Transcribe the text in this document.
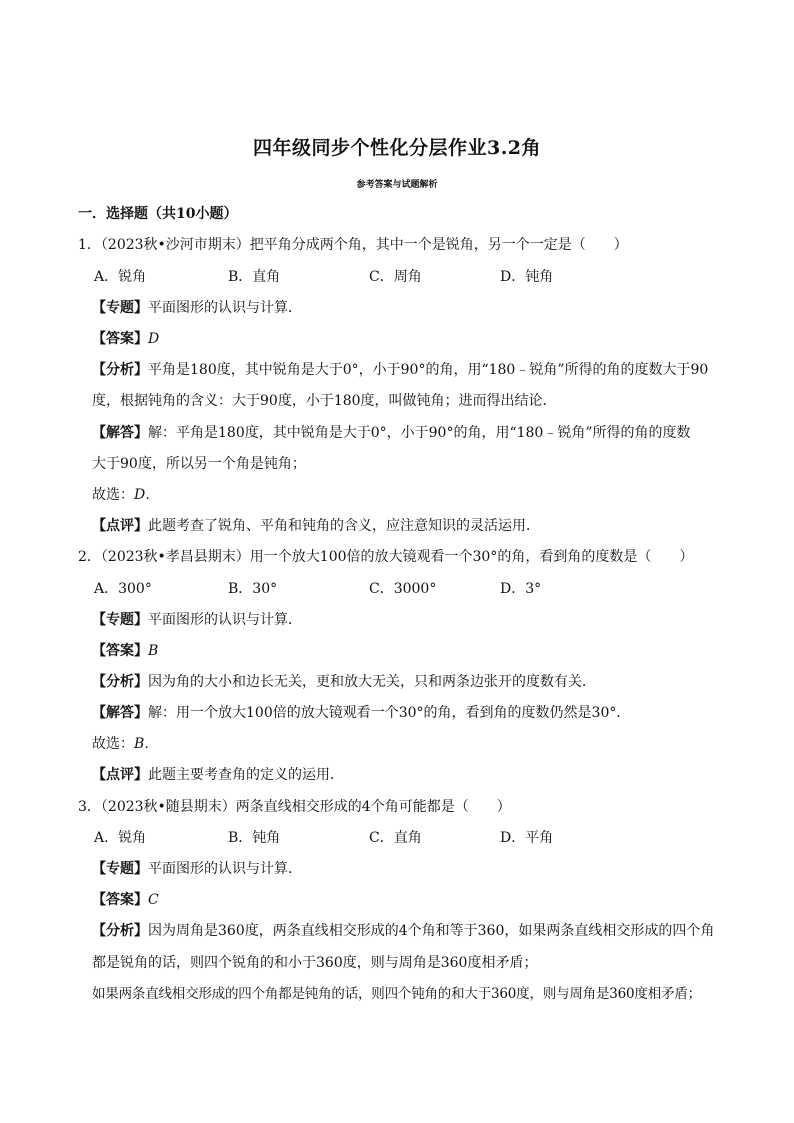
四年级同步个性化分层作业3.2角
参考答案与试题解析
一．选择题（共10小题）
1．（2023秋•沙河市期末）把平角分成两个角，其中一个是锐角，另一个一定是（　　）
A．锐角	B．直角	C．周角	D．钝角
【专题】平面图形的认识与计算．
【答案】D
【分析】平角是180度，其中锐角是大于0°，小于90°的角，用“180﹣锐角”所得的角的度数大于90
度，根据钝角的含义：大于90度，小于180度，叫做钝角；进而得出结论．
【解答】解：平角是180度，其中锐角是大于0°，小于90°的角，用“180﹣锐角”所得的角的度数
大于90度，所以另一个角是钝角；
故选：D．
【点评】此题考查了锐角、平角和钝角的含义，应注意知识的灵活运用．
2．（2023秋•孝昌县期末）用一个放大100倍的放大镜观看一个30°的角，看到角的度数是（　　）
A．300°	B．30°	C．3000°	D．3°
【专题】平面图形的认识与计算．
【答案】B
【分析】因为角的大小和边长无关，更和放大无关，只和两条边张开的度数有关．
【解答】解：用一个放大100倍的放大镜观看一个30°的角，看到角的度数仍然是30°．
故选：B．
【点评】此题主要考查角的定义的运用．
3．（2023秋•随县期末）两条直线相交形成的4个角可能都是（　　）
A．锐角	B．钝角	C．直角	D．平角
【专题】平面图形的认识与计算．
【答案】C
【分析】因为周角是360度，两条直线相交形成的4个角和等于360，如果两条直线相交形成的四个角
都是锐角的话，则四个锐角的和小于360度，则与周角是360度相矛盾；
如果两条直线相交形成的四个角都是钝角的话，则四个钝角的和大于360度，则与周角是360度相矛盾；
